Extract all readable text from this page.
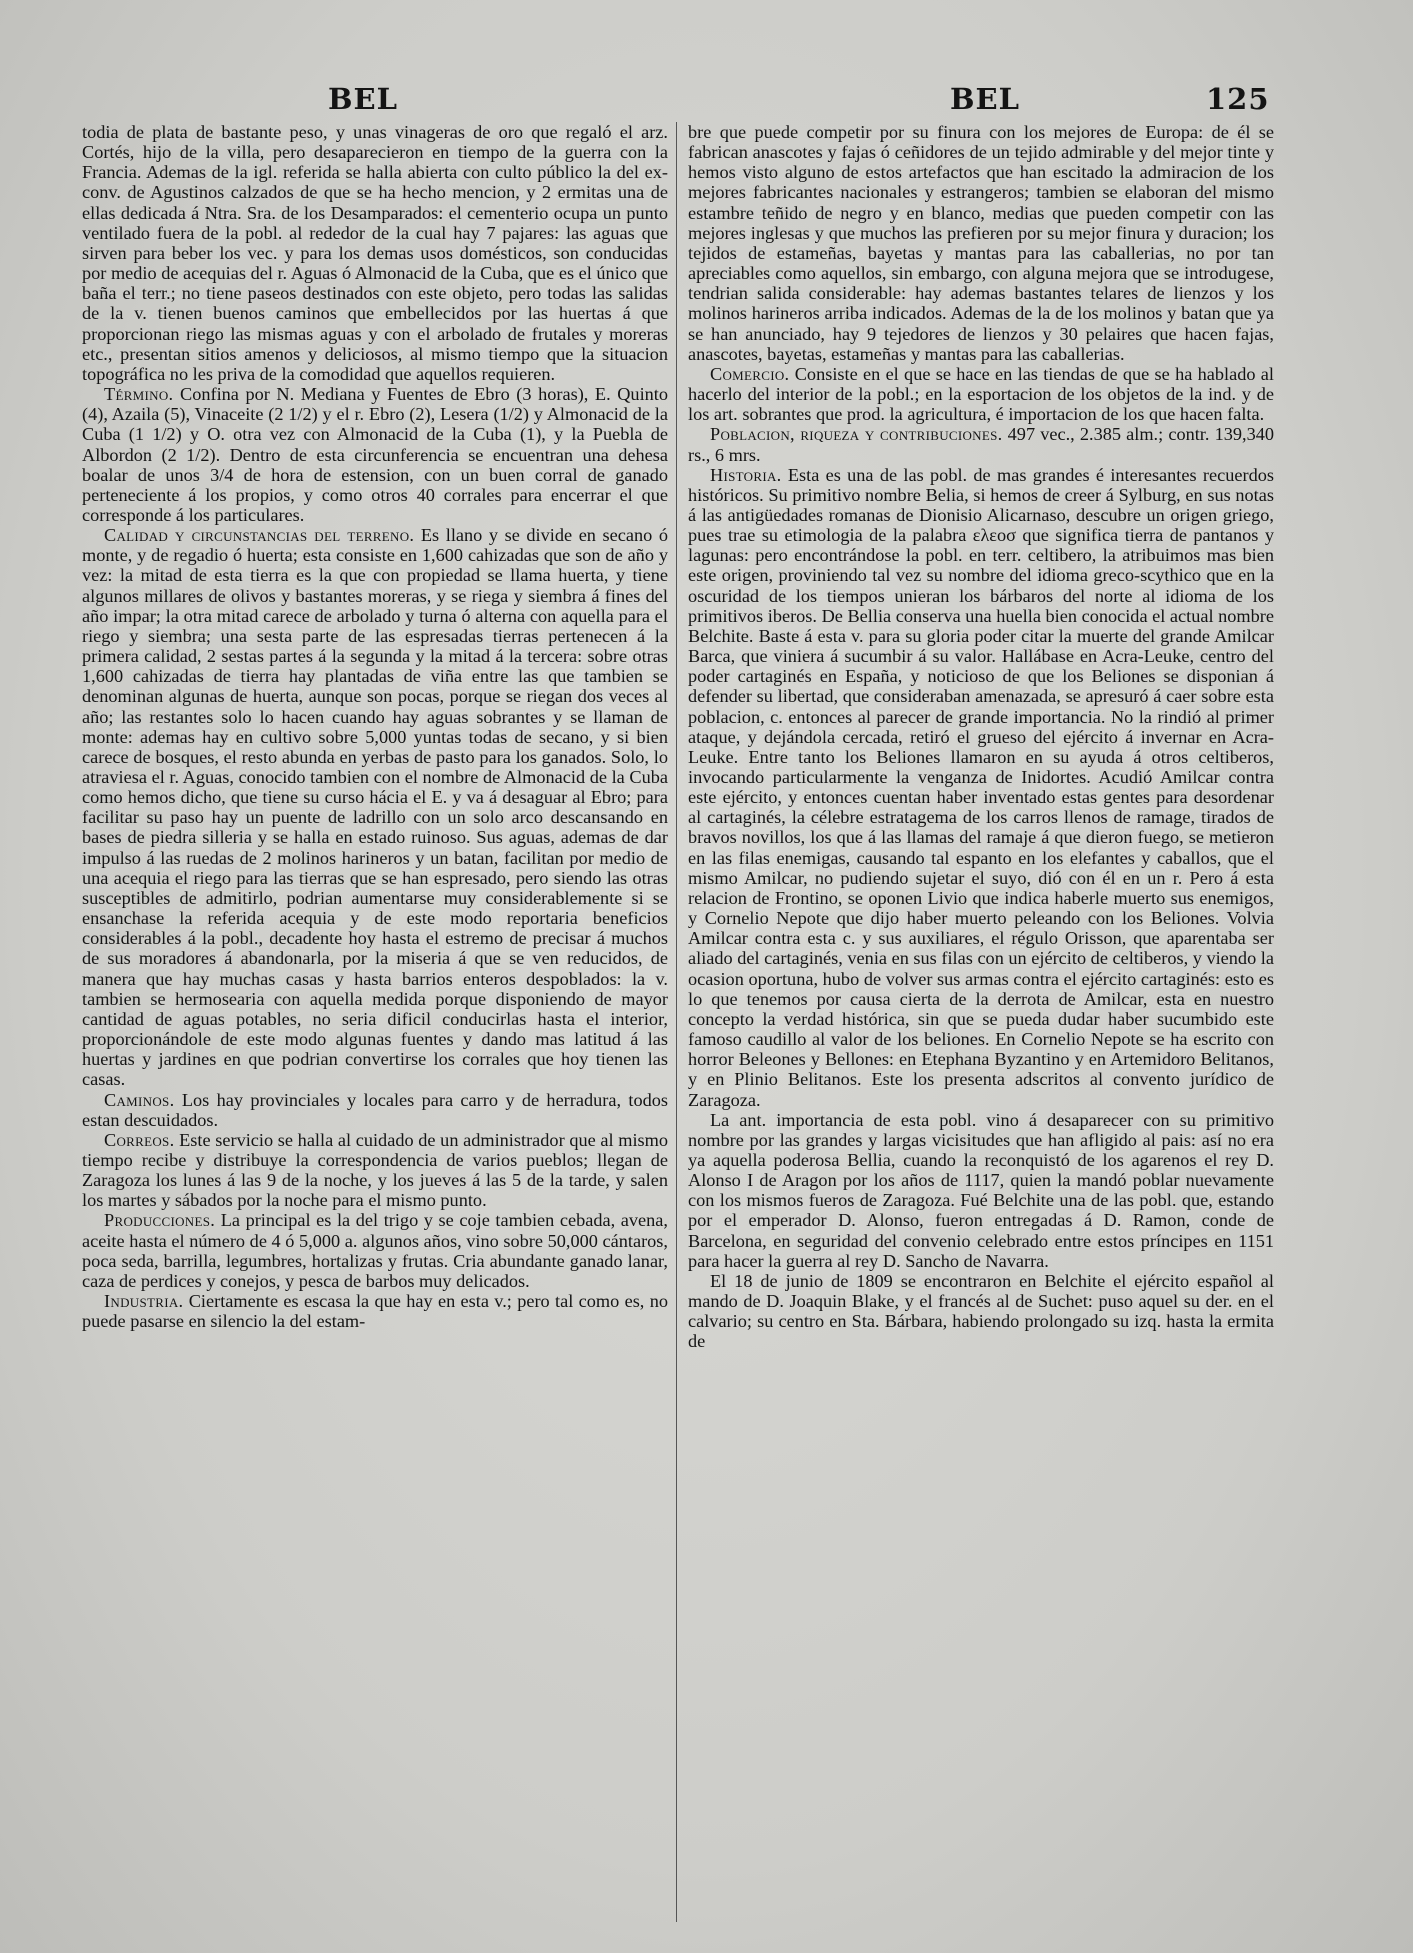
BEL	BEL	125

todia de plata de bastante peso, y unas vinageras de oro que regaló el arz. Cortés, hijo de la villa, pero desaparecieron en tiempo de la guerra con la Francia. Ademas de la igl. referida se halla abierta con culto público la del ex-conv. de Agustinos calzados de que se ha hecho mencion, y 2 ermitas una de ellas dedicada á Ntra. Sra. de los Desamparados: el cementerio ocupa un punto ventilado fuera de la pobl. al rededor de la cual hay 7 pajares: las aguas que sirven para beber los vec. y para los demas usos domésticos, son conducidas por medio de acequias del r. Aguas ó Almonacid de la Cuba, que es el único que baña el terr.; no tiene paseos destinados con este objeto, pero todas las salidas de la v. tienen buenos caminos que embellecidos por las huertas á que proporcionan riego las mismas aguas y con el arbolado de frutales y moreras etc., presentan sitios amenos y deliciosos, al mismo tiempo que la situacion topográfica no les priva de la comodidad que aquellos requieren.

Término. Confina por N. Mediana y Fuentes de Ebro (3 horas), E. Quinto (4), Azaila (5), Vinaceite (2 1/2) y el r. Ebro (2), Lesera (1/2) y Almonacid de la Cuba (1 1/2) y O. otra vez con Almonacid de la Cuba (1), y la Puebla de Albordon (2 1/2). Dentro de esta circunferencia se encuentran una dehesa boalar de unos 3/4 de hora de estension, con un buen corral de ganado perteneciente á los propios, y como otros 40 corrales para encerrar el que corresponde á los particulares.

Calidad y circunstancias del terreno. Es llano y se divide en secano ó monte, y de regadio ó huerta; esta consiste en 1,600 cahizadas que son de año y vez: la mitad de esta tierra es la que con propiedad se llama huerta, y tiene algunos millares de olivos y bastantes moreras, y se riega y siembra á fines del año impar; la otra mitad carece de arbolado y turna ó alterna con aquella para el riego y siembra; una sesta parte de las espresadas tierras pertenecen á la primera calidad, 2 sestas partes á la segunda y la mitad á la tercera: sobre otras 1,600 cahizadas de tierra hay plantadas de viña entre las que tambien se denominan algunas de huerta, aunque son pocas, porque se riegan dos veces al año; las restantes solo lo hacen cuando hay aguas sobrantes y se llaman de monte: ademas hay en cultivo sobre 5,000 yuntas todas de secano, y si bien carece de bosques, el resto abunda en yerbas de pasto para los ganados. Solo, lo atraviesa el r. Aguas, conocido tambien con el nombre de Almonacid de la Cuba como hemos dicho, que tiene su curso hácia el E. y va á desaguar al Ebro; para facilitar su paso hay un puente de ladrillo con un solo arco descansando en bases de piedra silleria y se halla en estado ruinoso. Sus aguas, ademas de dar impulso á las ruedas de 2 molinos harineros y un batan, facilitan por medio de una acequia el riego para las tierras que se han espresado, pero siendo las otras susceptibles de admitirlo, podrian aumentarse muy considerablemente si se ensanchase la referida acequia y de este modo reportaria beneficios considerables á la pobl., decadente hoy hasta el estremo de precisar á muchos de sus moradores á abandonarla, por la miseria á que se ven reducidos, de manera que hay muchas casas y hasta barrios enteros despoblados: la v. tambien se hermosearia con aquella medida porque disponiendo de mayor cantidad de aguas potables, no seria dificil conducirlas hasta el interior, proporcionándole de este modo algunas fuentes y dando mas latitud á las huertas y jardines en que podrian convertirse los corrales que hoy tienen las casas.

Caminos. Los hay provinciales y locales para carro y de herradura, todos estan descuidados.

Correos. Este servicio se halla al cuidado de un administrador que al mismo tiempo recibe y distribuye la correspondencia de varios pueblos; llegan de Zaragoza los lunes á las 9 de la noche, y los jueves á las 5 de la tarde, y salen los martes y sábados por la noche para el mismo punto.

Producciones. La principal es la del trigo y se coje tambien cebada, avena, aceite hasta el número de 4 ó 5,000 a. algunos años, vino sobre 50,000 cántaros, poca seda, barrilla, legumbres, hortalizas y frutas. Cria abundante ganado lanar, caza de perdices y conejos, y pesca de barbos muy delicados.

Industria. Ciertamente es escasa la que hay en esta v.; pero tal como es, no puede pasarse en silencio la del estam-

bre que puede competir por su finura con los mejores de Europa: de él se fabrican anascotes y fajas ó ceñidores de un tejido admirable y del mejor tinte y hemos visto alguno de estos artefactos que han escitado la admiracion de los mejores fabricantes nacionales y estrangeros; tambien se elaboran del mismo estambre teñido de negro y en blanco, medias que pueden competir con las mejores inglesas y que muchos las prefieren por su mejor finura y duracion; los tejidos de estameñas, bayetas y mantas para las caballerias, no por tan apreciables como aquellos, sin embargo, con alguna mejora que se introdugese, tendrian salida considerable: hay ademas bastantes telares de lienzos y los molinos harineros arriba indicados. Ademas de la de los molinos y batan que ya se han anunciado, hay 9 tejedores de lienzos y 30 pelaires que hacen fajas, anascotes, bayetas, estameñas y mantas para las caballerias.

Comercio. Consiste en el que se hace en las tiendas de que se ha hablado al hacerlo del interior de la pobl.; en la esportacion de los objetos de la ind. y de los art. sobrantes que prod. la agricultura, é importacion de los que hacen falta.

Poblacion, riqueza y contribuciones. 497 vec., 2.385 alm.; contr. 139,340 rs., 6 mrs.

Historia. Esta es una de las pobl. de mas grandes é interesantes recuerdos históricos. Su primitivo nombre Belia, si hemos de creer á Sylburg, en sus notas á las antigüedades romanas de Dionisio Alicarnaso, descubre un origen griego, pues trae su etimologia de la palabra ελεοσ que significa tierra de pantanos y lagunas: pero encontrándose la pobl. en terr. celtibero, la atribuimos mas bien este origen, proviniendo tal vez su nombre del idioma greco-scythico que en la oscuridad de los tiempos unieran los bárbaros del norte al idioma de los primitivos iberos. De Bellia conserva una huella bien conocida el actual nombre Belchite. Baste á esta v. para su gloria poder citar la muerte del grande Amilcar Barca, que viniera á sucumbir á su valor. Hallábase en Acra-Leuke, centro del poder cartaginés en España, y noticioso de que los Beliones se disponian á defender su libertad, que consideraban amenazada, se apresuró á caer sobre esta poblacion, c. entonces al parecer de grande importancia. No la rindió al primer ataque, y dejándola cercada, retiró el grueso del ejército á invernar en Acra-Leuke. Entre tanto los Beliones llamaron en su ayuda á otros celtiberos, invocando particularmente la venganza de Inidortes. Acudió Amilcar contra este ejército, y entonces cuentan haber inventado estas gentes para desordenar al cartaginés, la célebre estratagema de los carros llenos de ramage, tirados de bravos novillos, los que á las llamas del ramaje á que dieron fuego, se metieron en las filas enemigas, causando tal espanto en los elefantes y caballos, que el mismo Amilcar, no pudiendo sujetar el suyo, dió con él en un r. Pero á esta relacion de Frontino, se oponen Livio que indica haberle muerto sus enemigos, y Cornelio Nepote que dijo haber muerto peleando con los Beliones. Volvia Amilcar contra esta c. y sus auxiliares, el régulo Orisson, que aparentaba ser aliado del cartaginés, venia en sus filas con un ejército de celtiberos, y viendo la ocasion oportuna, hubo de volver sus armas contra el ejército cartaginés: esto es lo que tenemos por causa cierta de la derrota de Amilcar, esta en nuestro concepto la verdad histórica, sin que se pueda dudar haber sucumbido este famoso caudillo al valor de los beliones. En Cornelio Nepote se ha escrito con horror Beleones y Bellones: en Etephana Byzantino y en Artemidoro Belitanos, y en Plinio Belitanos. Este los presenta adscritos al convento jurídico de Zaragoza.

La ant. importancia de esta pobl. vino á desaparecer con su primitivo nombre por las grandes y largas vicisitudes que han afligido al pais: así no era ya aquella poderosa Bellia, cuando la reconquistó de los agarenos el rey D. Alonso I de Aragon por los años de 1117, quien la mandó poblar nuevamente con los mismos fueros de Zaragoza. Fué Belchite una de las pobl. que, estando por el emperador D. Alonso, fueron entregadas á D. Ramon, conde de Barcelona, en seguridad del convenio celebrado entre estos príncipes en 1151 para hacer la guerra al rey D. Sancho de Navarra.

El 18 de junio de 1809 se encontraron en Belchite el ejército español al mando de D. Joaquin Blake, y el francés al de Suchet: puso aquel su der. en el calvario; su centro en Sta. Bárbara, habiendo prolongado su izq. hasta la ermita de
